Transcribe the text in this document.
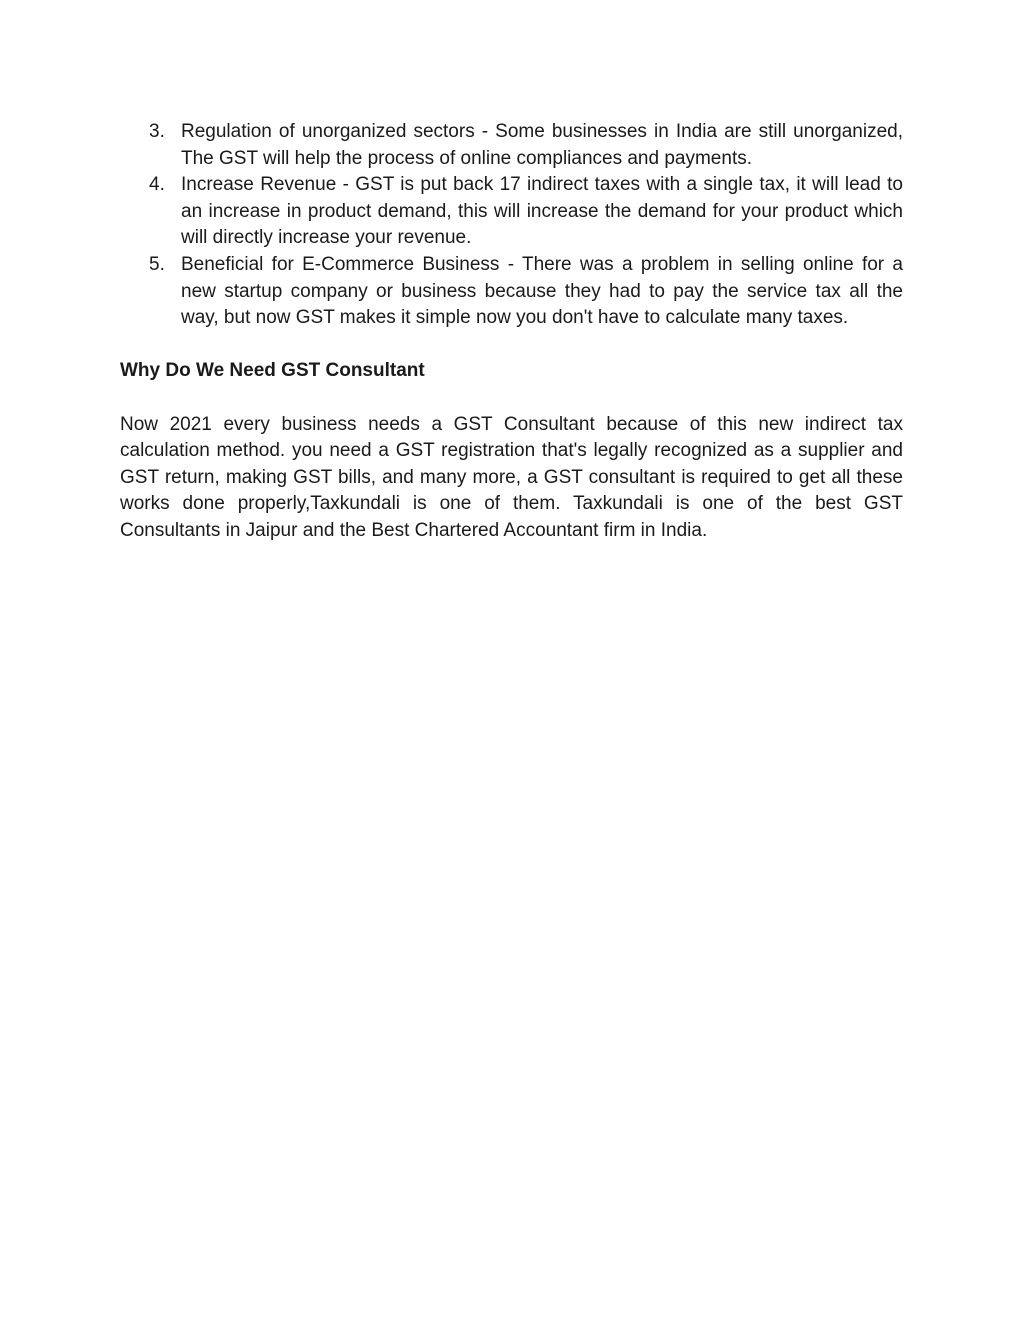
3. Regulation of unorganized sectors - Some businesses in India are still unorganized, The GST will help the process of online compliances and payments.
4. Increase Revenue - GST is put back 17 indirect taxes with a single tax, it will lead to an increase in product demand, this will increase the demand for your product which will directly increase your revenue.
5. Beneficial for E-Commerce Business - There was a problem in selling online for a new startup company or business because they had to pay the service tax all the way, but now GST makes it simple now you don't have to calculate many taxes.
Why Do We Need GST Consultant

Now 2021 every business needs a GST Consultant because of this new indirect tax calculation method. you need a GST registration that's legally recognized as a supplier and GST return, making GST bills, and many more, a GST consultant is required to get all these works done properly,Taxkundali is one of them. Taxkundali is one of the best GST Consultants in Jaipur and the Best Chartered Accountant firm in India.
